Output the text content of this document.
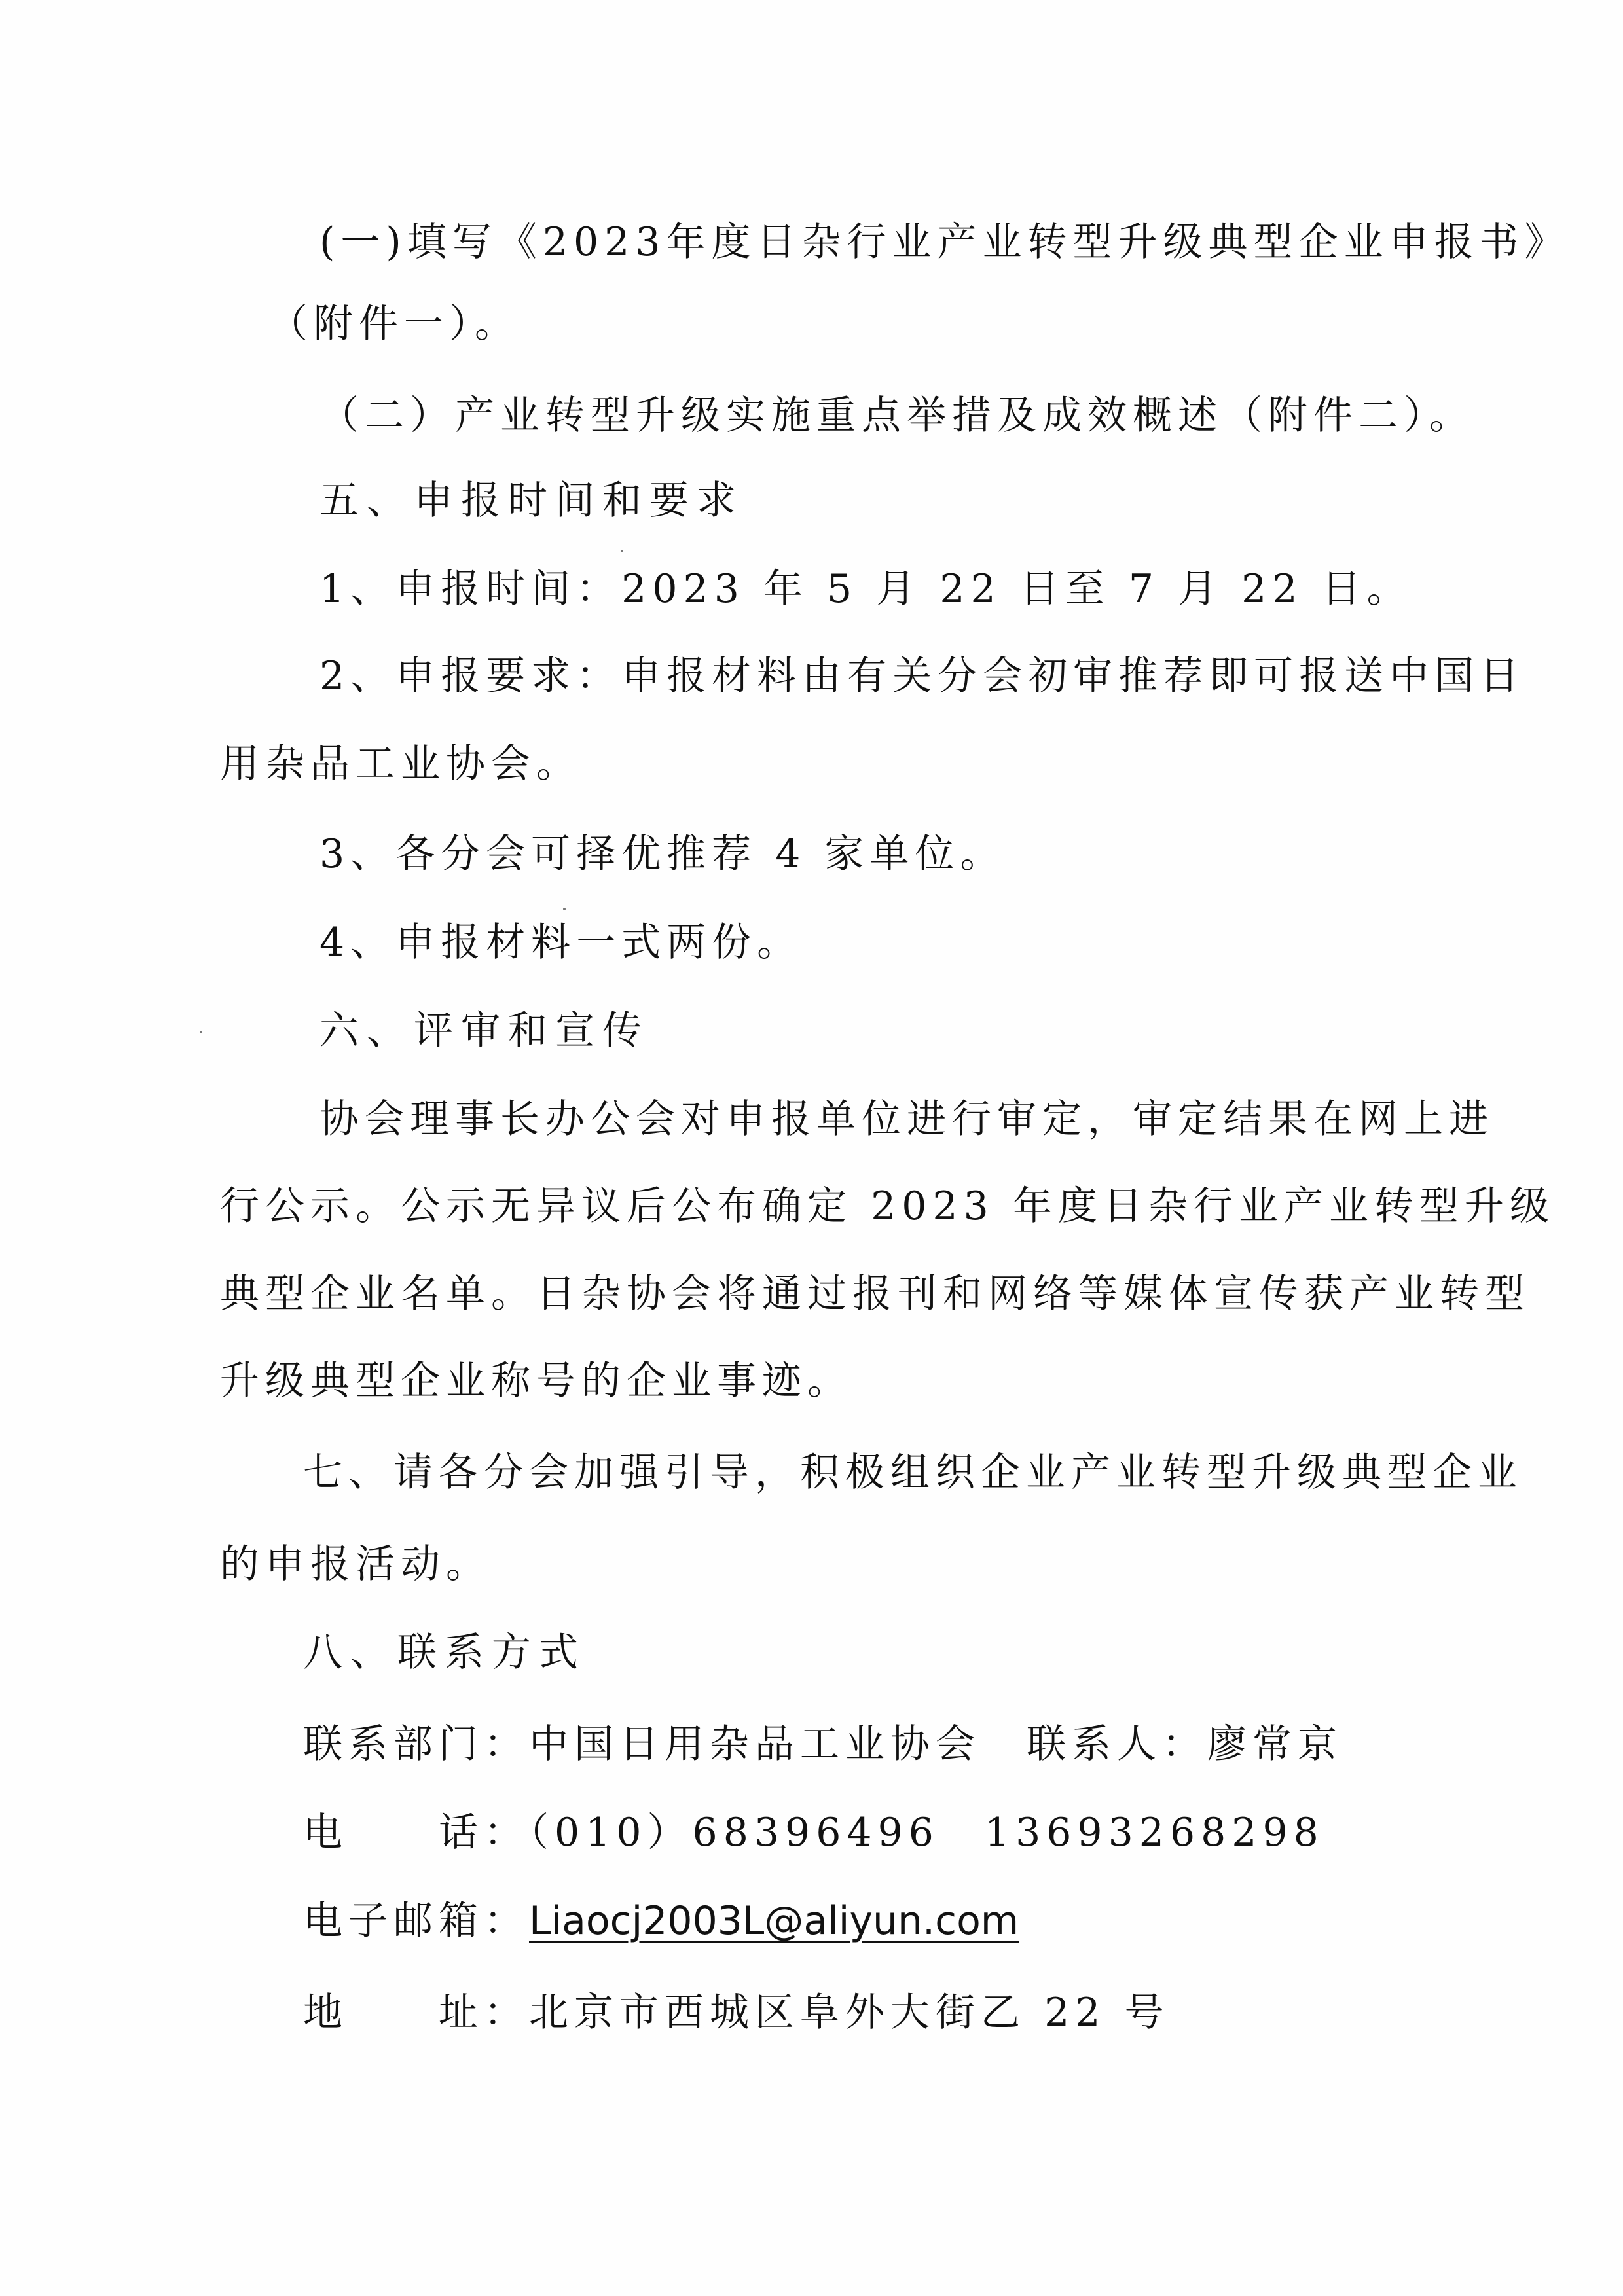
(一)填写《2023年度日杂行业产业转型升级典型企业申报书》
（附件一）。
（二）产业转型升级实施重点举措及成效概述（附件二）。
五、申报时间和要求
1、申报时间：2023 年 5 月 22 日至 7 月 22 日。
2、申报要求：申报材料由有关分会初审推荐即可报送中国日
用杂品工业协会。
3、各分会可择优推荐 4 家单位。
4、申报材料一式两份。
六、评审和宣传
协会理事长办公会对申报单位进行审定，审定结果在网上进
行公示。公示无异议后公布确定 2023 年度日杂行业产业转型升级
典型企业名单。日杂协会将通过报刊和网络等媒体宣传获产业转型
升级典型企业称号的企业事迹。
七、请各分会加强引导，积极组织企业产业转型升级典型企业
的申报活动。
八、联系方式
联系部门：中国日用杂品工业协会 联系人：廖常京
电　　话：（010）68396496　13693268298
电子邮箱：Liaocj2003L@aliyun.com
地　　址：北京市西城区阜外大街乙 22 号
